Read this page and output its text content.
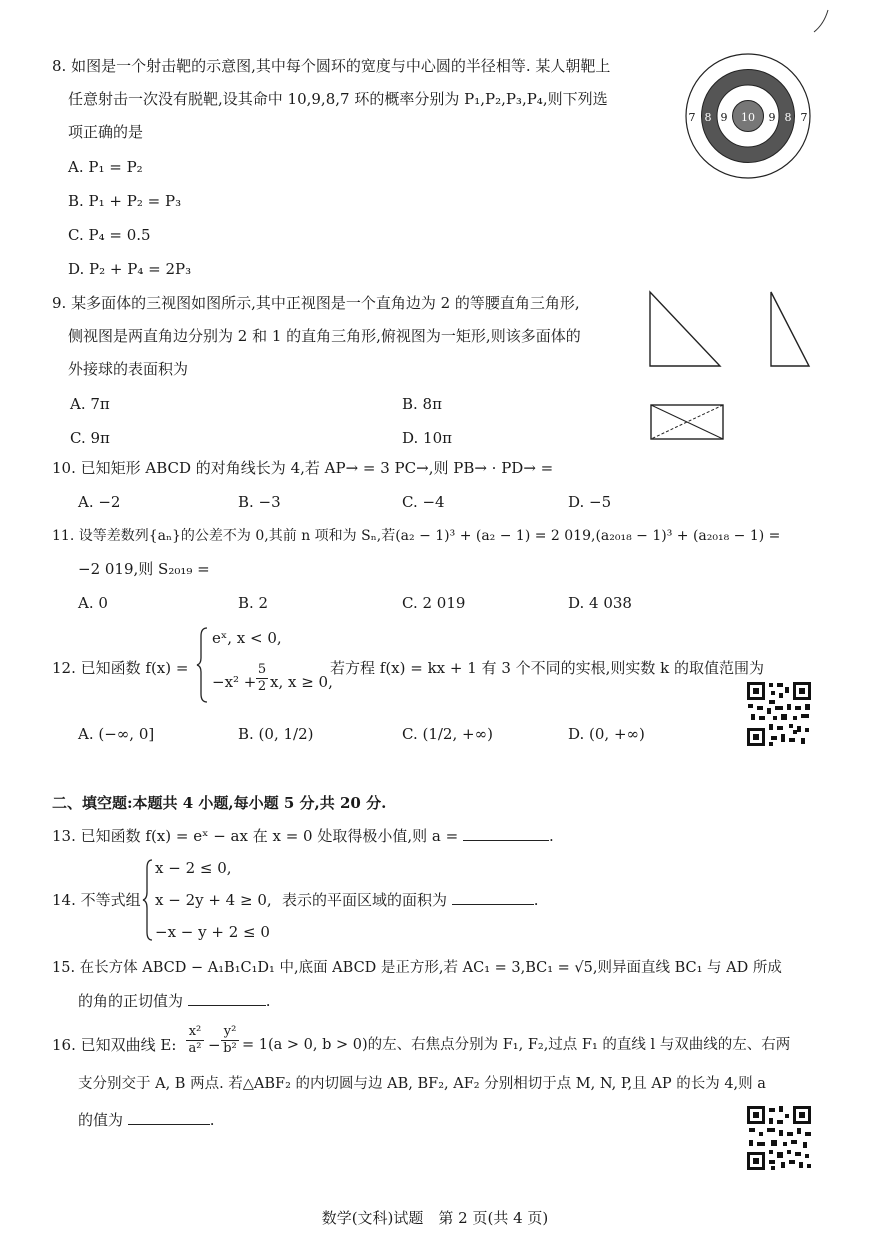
8. 如图是一个射击靶的示意图,其中每个圆环的宽度与中心圆的半径相等. 某人朝靶上
任意射击一次没有脱靶,设其命中 10,9,8,7 环的概率分别为 P₁,P₂,P₃,P₄,则下列选
项正确的是
A. P₁ = P₂
B. P₁ + P₂ = P₃
C. P₄ = 0.5
D. P₂ + P₄ = 2P₃
7 8 9 10 9 8 7
9. 某多面体的三视图如图所示,其中正视图是一个直角边为 2 的等腰直角三角形,
侧视图是两直角边分别为 2 和 1 的直角三角形,俯视图为一矩形,则该多面体的
外接球的表面积为
A. 7π	B. 8π
C. 9π	D. 10π
10. 已知矩形 ABCD 的对角线长为 4,若 AP→ = 3 PC→,则 PB→ · PD→ =
A. −2	B. −3	C. −4	D. −5
11. 设等差数列{aₙ}的公差不为 0,其前 n 项和为 Sₙ,若(a₂ − 1)³ + (a₂ − 1) = 2 019,(a₂₀₁₈ − 1)³ + (a₂₀₁₈ − 1) =
−2 019,则 S₂₀₁₉ =
A. 0	B. 2	C. 2 019	D. 4 038
12. 已知函数 f(x) =
eˣ, x < 0,
−x² +
5
2 x, x ≥ 0,
若方程 f(x) = kx + 1 有 3 个不同的实根,则实数 k 的取值范围为
A. (−∞, 0]	B. (0, 1/2)	C. (1/2, +∞)	D. (0, +∞)
二、填空题:本题共 4 小题,每小题 5 分,共 20 分.
13. 已知函数 f(x) = eˣ − ax 在 x = 0 处取得极小值,则 a =	.
14. 不等式组
x − 2 ≤ 0,
x − 2y + 4 ≥ 0,
−x − y + 2 ≤ 0
表示的平面区域的面积为	.
15. 在长方体 ABCD − A₁B₁C₁D₁ 中,底面 ABCD 是正方形,若 AC₁ = 3,BC₁ = √5,则异面直线 BC₁ 与 AD 所成
的角的正切值为	.
16. 已知双曲线 E:
x²
a² −
y²
b² = 1(a > 0, b > 0)的左、右焦点分别为 F₁, F₂,过点 F₁ 的直线 l 与双曲线的左、右两
支分别交于 A, B 两点. 若△ABF₂ 的内切圆与边 AB, BF₂, AF₂ 分别相切于点 M, N, P,且 AP 的长为 4,则 a
的值为	.
数学(文科)试题　第 2 页(共 4 页)
